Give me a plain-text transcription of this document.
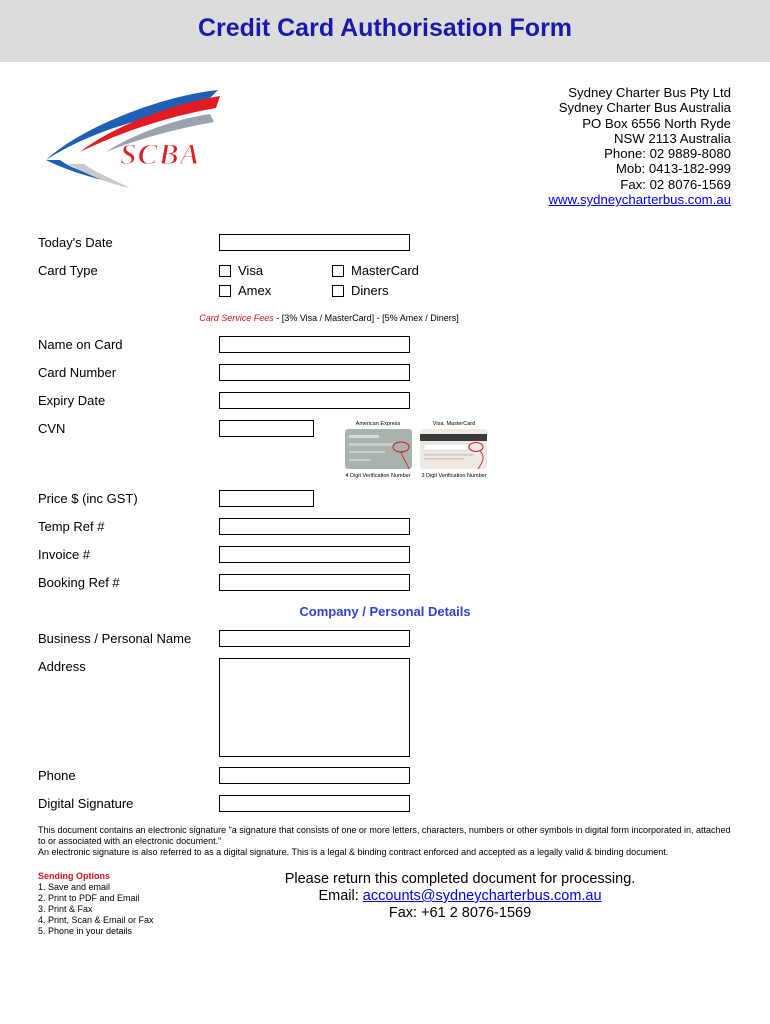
Credit Card Authorisation Form
SCBA
Sydney Charter Bus Pty Ltd
Sydney Charter Bus Australia
PO Box 6556 North Ryde
NSW 2113 Australia
Phone: 02 9889-8080
Mob: 0413-182-999
Fax: 02 8076-1569
www.sydneycharterbus.com.au
Today's Date
Card Type	Visa	MasterCard
Amex	Diners
Card Service Fees - [3% Visa / MasterCard] - [5% Amex / Diners]
Name on Card
Card Number
Expiry Date
CVN	American Express	Visa, MasterCard
4 Digit Verification Number	3 Digit Verification Number
Price $ (inc GST)
Temp Ref #
Invoice #
Booking Ref #
Company / Personal Details
Business / Personal Name
Address
Phone
Digital Signature
This document contains an electronic signature "a signature that consists of one or more letters, characters, numbers or other symbols in digital form incorporated in, attached to or associated with an electronic document."
An electronic signature is also referred to as a digital signature. This is a legal & binding contract enforced and accepted as a legally valid & binding document.
Sending Options
1. Save and email
2. Print to PDF and Email
3. Print & Fax
4. Print, Scan & Email or Fax
5. Phone in your details
Please return this completed document for processing.
Email: accounts@sydneycharterbus.com.au
Fax: +61 2 8076-1569
